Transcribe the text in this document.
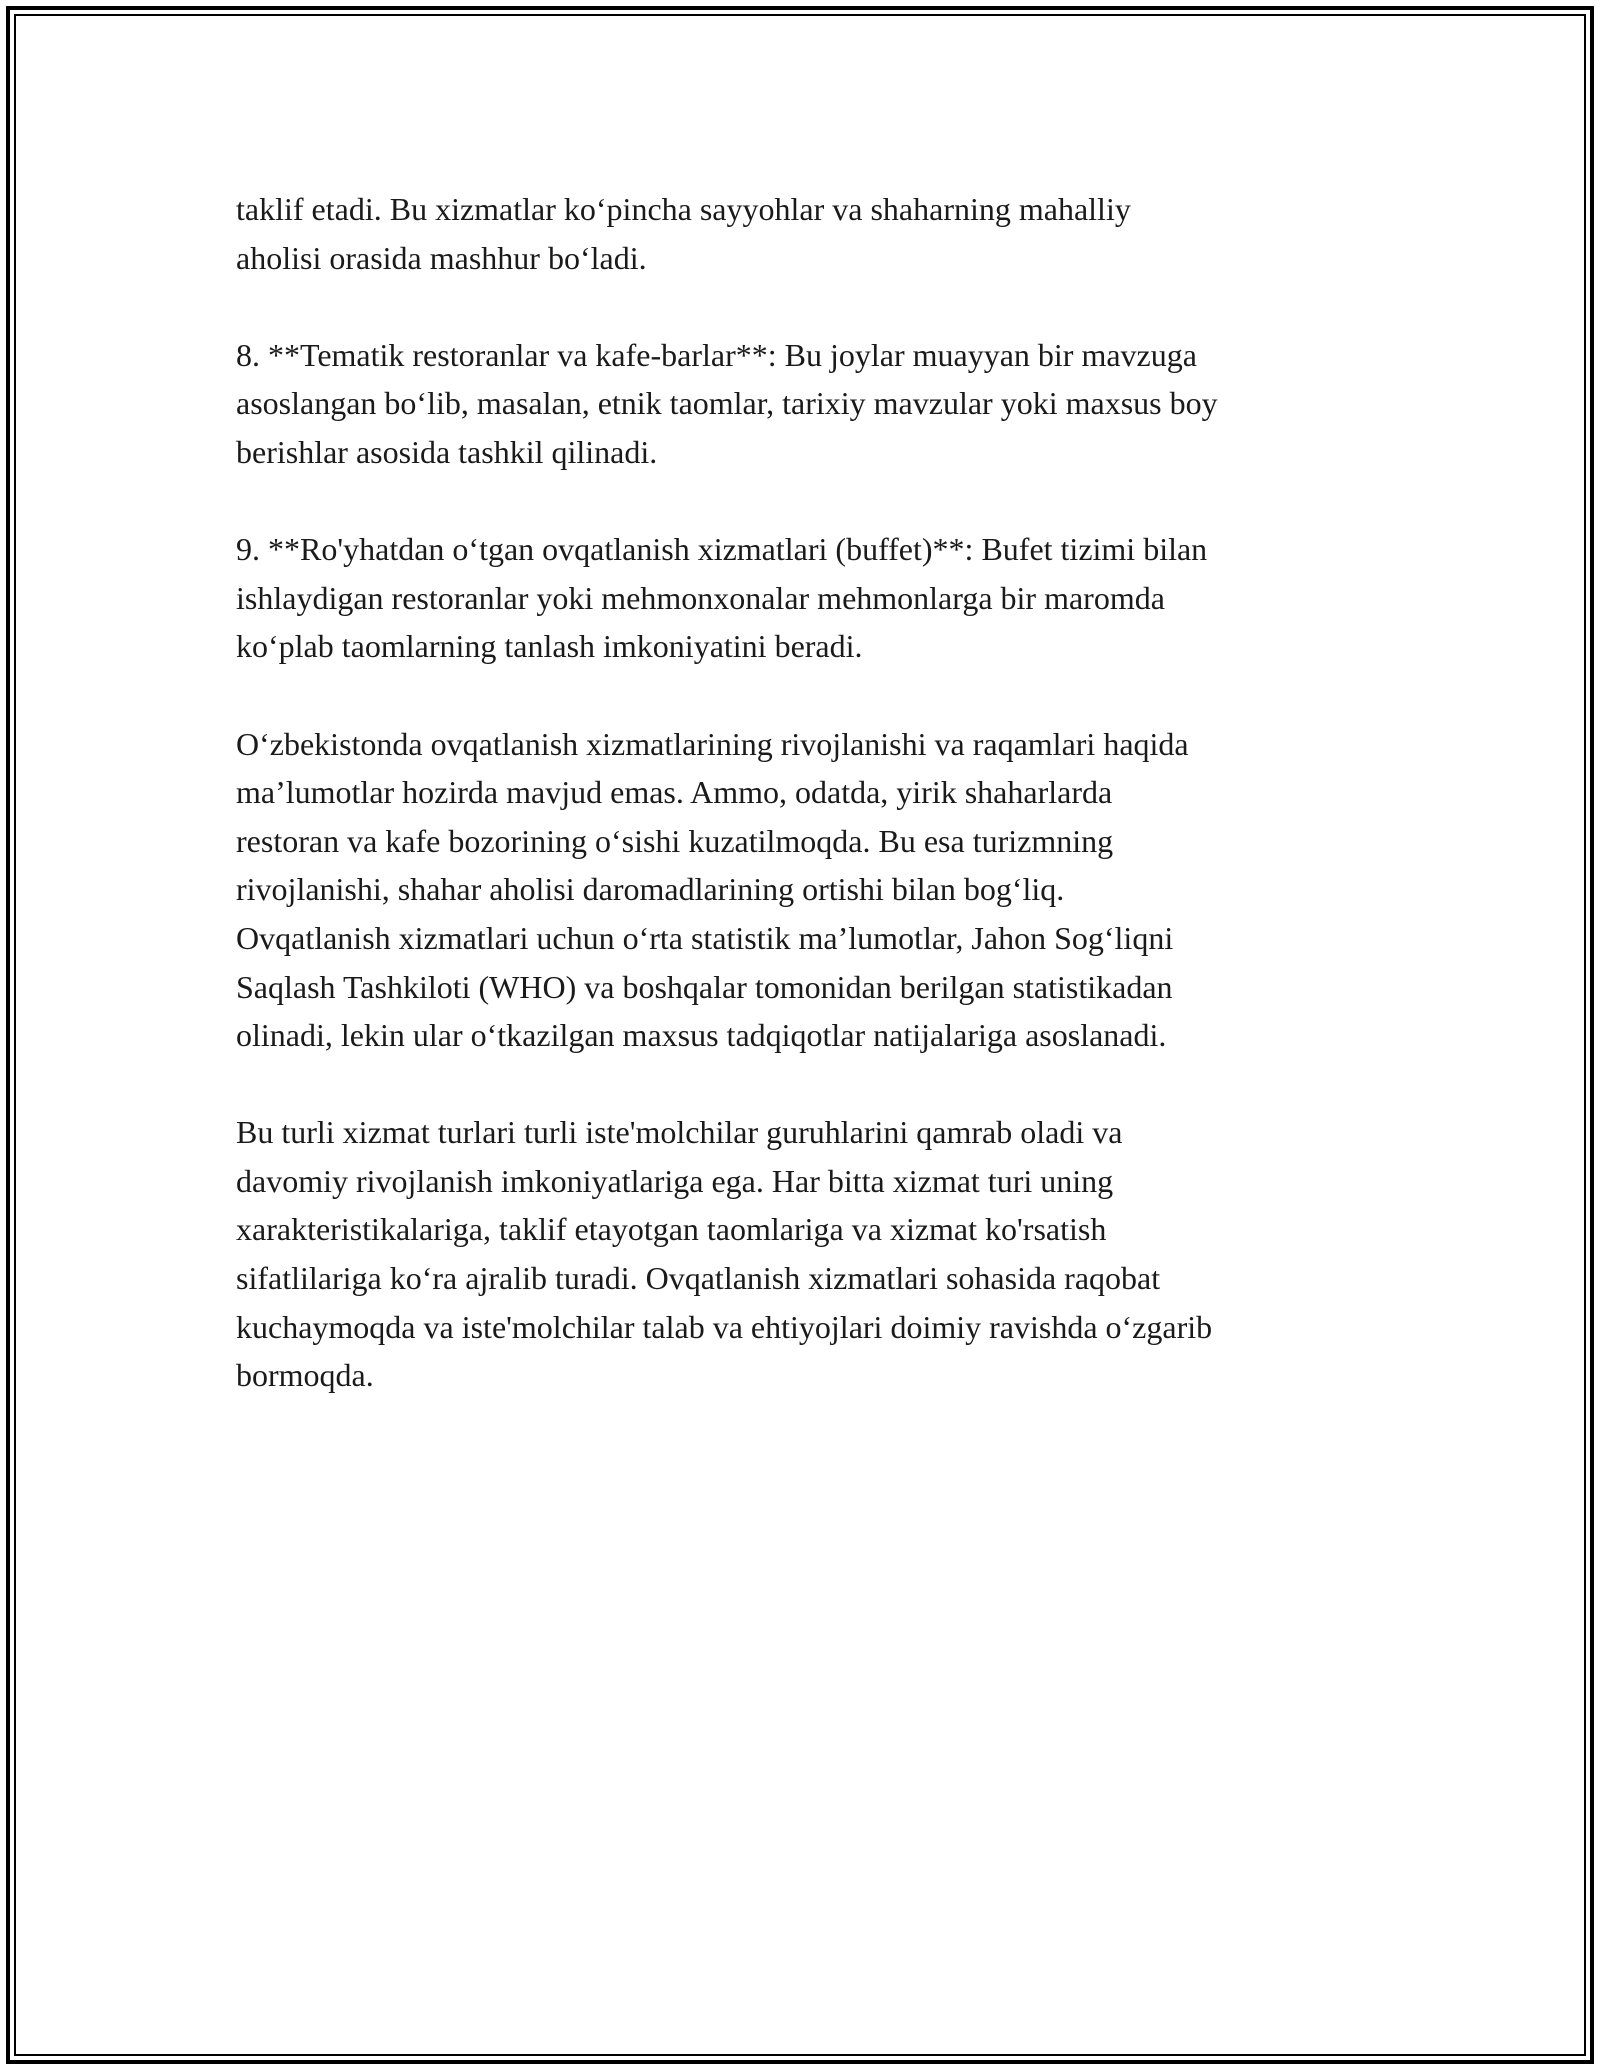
taklif etadi. Bu xizmatlar ko‘pincha sayyohlar va shaharning mahalliy
aholisi orasida mashhur bo‘ladi.

8. **Tematik restoranlar va kafe-barlar**: Bu joylar muayyan bir mavzuga
asoslangan bo‘lib, masalan, etnik taomlar, tarixiy mavzular yoki maxsus boy
berishlar asosida tashkil qilinadi.

9. **Ro'yhatdan o‘tgan ovqatlanish xizmatlari (buffet)**: Bufet tizimi bilan
ishlaydigan restoranlar yoki mehmonxonalar mehmonlarga bir maromda
ko‘plab taomlarning tanlash imkoniyatini beradi.

O‘zbekistonda ovqatlanish xizmatlarining rivojlanishi va raqamlari haqida
ma’lumotlar hozirda mavjud emas. Ammo, odatda, yirik shaharlarda
restoran va kafe bozorining o‘sishi kuzatilmoqda. Bu esa turizmning
rivojlanishi, shahar aholisi daromadlarining ortishi bilan bog‘liq.
Ovqatlanish xizmatlari uchun o‘rta statistik ma’lumotlar, Jahon Sog‘liqni
Saqlash Tashkiloti (WHO) va boshqalar tomonidan berilgan statistikadan
olinadi, lekin ular o‘tkazilgan maxsus tadqiqotlar natijalariga asoslanadi.

Bu turli xizmat turlari turli iste'molchilar guruhlarini qamrab oladi va
davomiy rivojlanish imkoniyatlariga ega. Har bitta xizmat turi uning
xarakteristikalariga, taklif etayotgan taomlariga va xizmat ko'rsatish
sifatlilariga ko‘ra ajralib turadi. Ovqatlanish xizmatlari sohasida raqobat
kuchaymoqda va iste'molchilar talab va ehtiyojlari doimiy ravishda o‘zgarib
bormoqda.
